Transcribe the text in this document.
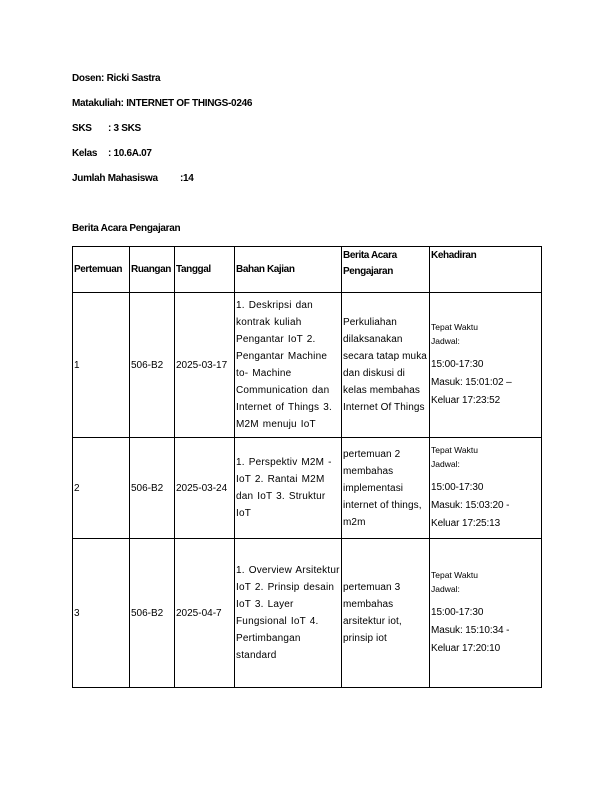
Dosen: Ricki Sastra
Matakuliah: INTERNET OF THINGS-0246
SKS : 3 SKS
Kelas : 10.6A.07
Jumlah Mahasiswa :14
Berita Acara Pengajaran
Pertemuan	Ruangan	Tanggal	Bahan Kajian	Berita Acara Pengajaran	Kehadiran
1	506-B2	2025-03-17	1. Deskripsi dan kontrak kuliah Pengantar IoT 2. Pengantar Machine to- Machine Communication dan Internet of Things 3. M2M menuju IoT	Perkuliahan dilaksanakan secara tatap muka dan diskusi di kelas membahas Internet Of Things	Tepat Waktu
Jadwal:
15:00-17:30
Masuk: 15:01:02 –
Keluar 17:23:52

2	506-B2	2025-03-24	1. Perspektiv M2M - IoT 2. Rantai M2M dan IoT 3. Struktur IoT	pertemuan 2 membahas implementasi internet of things, m2m	Tepat Waktu
Jadwal:
15:00-17:30
Masuk: 15:03:20 -
Keluar 17:25:13

3	506-B2	2025-04-7	1. Overview Arsitektur IoT 2. Prinsip desain IoT 3. Layer Fungsional IoT 4. Pertimbangan standard	pertemuan 3 membahas arsitektur iot, prinsip iot	Tepat Waktu
Jadwal:
15:00-17:30
Masuk: 15:10:34 -
Keluar 17:20:10
